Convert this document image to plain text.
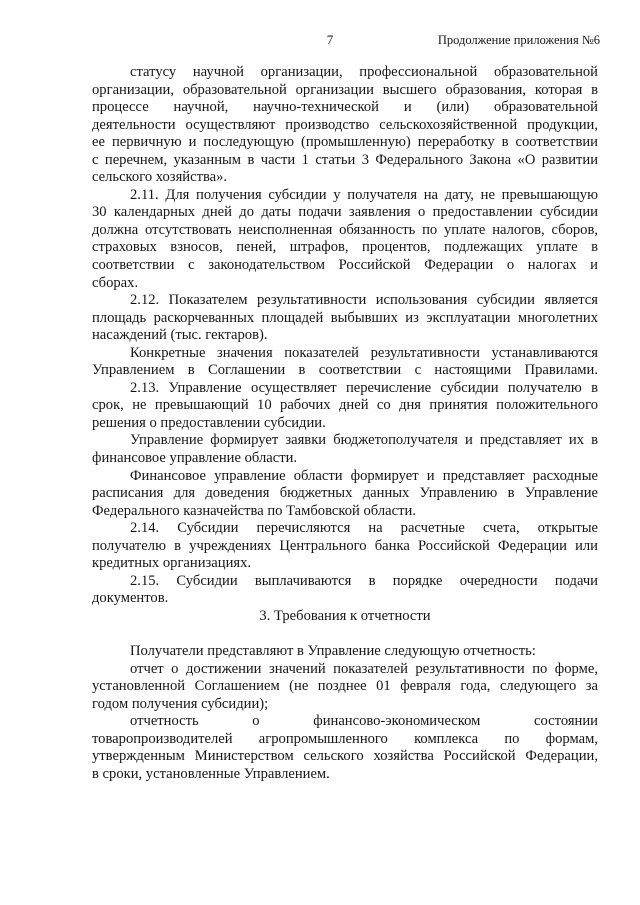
7	Продолжение приложения №6
статусу научной организации, профессиональной образовательной
организации, образовательной организации высшего образования, которая в
процессе научной, научно-технической и (или) образовательной
деятельности осуществляют производство сельскохозяйственной продукции,
ее первичную и последующую (промышленную) переработку в соответствии
с перечнем, указанным в части 1 статьи 3 Федерального Закона «О развитии
сельского хозяйства».
2.11. Для получения субсидии у получателя на дату, не превышающую
30 календарных дней до даты подачи заявления о предоставлении субсидии
должна отсутствовать неисполненная обязанность по уплате налогов, сборов,
страховых взносов, пеней, штрафов, процентов, подлежащих уплате в
соответствии с законодательством Российской Федерации о налогах и
сборах.
2.12. Показателем результативности использования субсидии является
площадь раскорчеванных площадей выбывших из эксплуатации многолетних
насаждений (тыс. гектаров).
Конкретные значения показателей результативности устанавливаются
Управлением в Соглашении в соответствии с настоящими Правилами.
2.13. Управление осуществляет перечисление субсидии получателю в
срок, не превышающий 10 рабочих дней со дня принятия положительного
решения о предоставлении субсидии.
Управление формирует заявки бюджетополучателя и представляет их в
финансовое управление области.
Финансовое управление области формирует и представляет расходные
расписания для доведения бюджетных данных Управлению в Управление
Федерального казначейства по Тамбовской области.
2.14. Субсидии перечисляются на расчетные счета, открытые
получателю в учреждениях Центрального банка Российской Федерации или
кредитных организациях.
2.15. Субсидии выплачиваются в порядке очередности подачи
документов.
3. Требования к отчетности
Получатели представляют в Управление следующую отчетность:
отчет о достижении значений показателей результативности по форме,
установленной Соглашением (не позднее 01 февраля года, следующего за
годом получения субсидии);
отчетность о финансово-экономическом состоянии
товаропроизводителей агропромышленного комплекса по формам,
утвержденным Министерством сельского хозяйства Российской Федерации,
в сроки, установленные Управлением.
